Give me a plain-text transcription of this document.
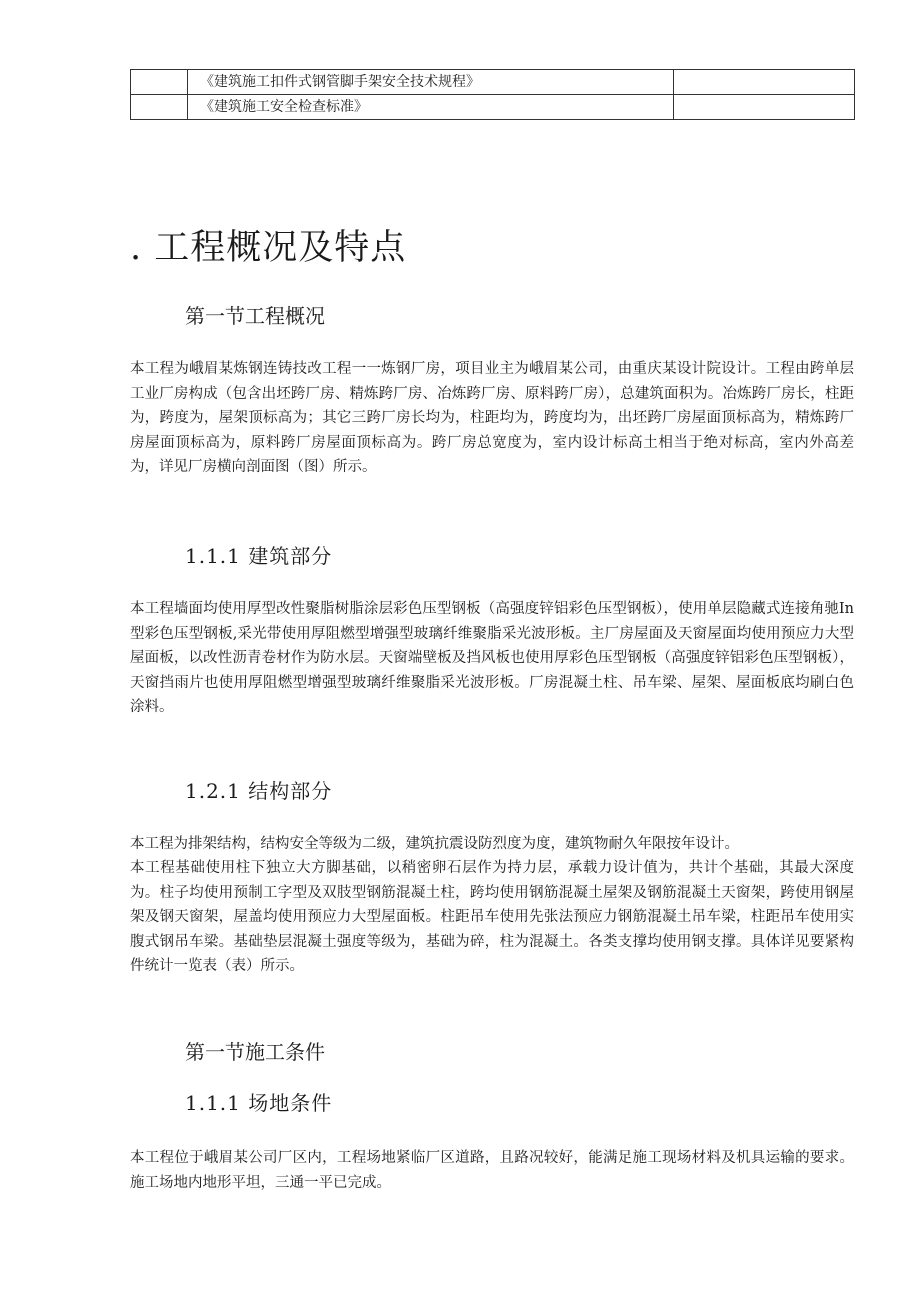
	《建筑施工扣件式钢管脚手架安全技术规程》	
	《建筑施工安全检查标准》	
. 工程概况及特点
第一节工程概况

本工程为峨眉某炼钢连铸技改工程一一炼钢厂房，项目业主为峨眉某公司，由重庆某设计院设计。工程由跨单层工业厂房构成（包含出坯跨厂房、精炼跨厂房、冶炼跨厂房、原料跨厂房），总建筑面积为。冶炼跨厂房长，柱距为，跨度为，屋架顶标高为；其它三跨厂房长均为，柱距均为，跨度均为，出坯跨厂房屋面顶标高为，精炼跨厂房屋面顶标高为，原料跨厂房屋面顶标高为。跨厂房总宽度为，室内设计标高土相当于绝对标高，室内外高差为，详见厂房横向剖面图（图）所示。

1.1.1 建筑部分

本工程墙面均使用厚型改性聚脂树脂涂层彩色压型钢板（高强度锌铝彩色压型钢板），使用单层隐藏式连接角驰In型彩色压型钢板,采光带使用厚阻燃型增强型玻璃纤维聚脂采光波形板。主厂房屋面及天窗屋面均使用预应力大型屋面板，以改性沥青卷材作为防水层。天窗端壁板及挡风板也使用厚彩色压型钢板（高强度锌铝彩色压型钢板），天窗挡雨片也使用厚阻燃型增强型玻璃纤维聚脂采光波形板。厂房混凝土柱、吊车梁、屋架、屋面板底均刷白色涂料。

1.2.1 结构部分

本工程为排架结构，结构安全等级为二级，建筑抗震设防烈度为度，建筑物耐久年限按年设计。

本工程基础使用柱下独立大方脚基础，以稍密卵石层作为持力层，承载力设计值为，共计个基础，其最大深度为。柱子均使用预制工字型及双肢型钢筋混凝土柱，跨均使用钢筋混凝土屋架及钢筋混凝土天窗架，跨使用钢屋架及钢天窗架，屋盖均使用预应力大型屋面板。柱距吊车使用先张法预应力钢筋混凝土吊车梁，柱距吊车使用实腹式钢吊车梁。基础垫层混凝土强度等级为，基础为碎，柱为混凝土。各类支撑均使用钢支撑。具体详见要紧构件统计一览表（表）所示。

第一节施工条件
1.1.1 场地条件

本工程位于峨眉某公司厂区内，工程场地紧临厂区道路，且路况较好，能满足施工现场材料及机具运输的要求。施工场地内地形平坦，三通一平已完成。
